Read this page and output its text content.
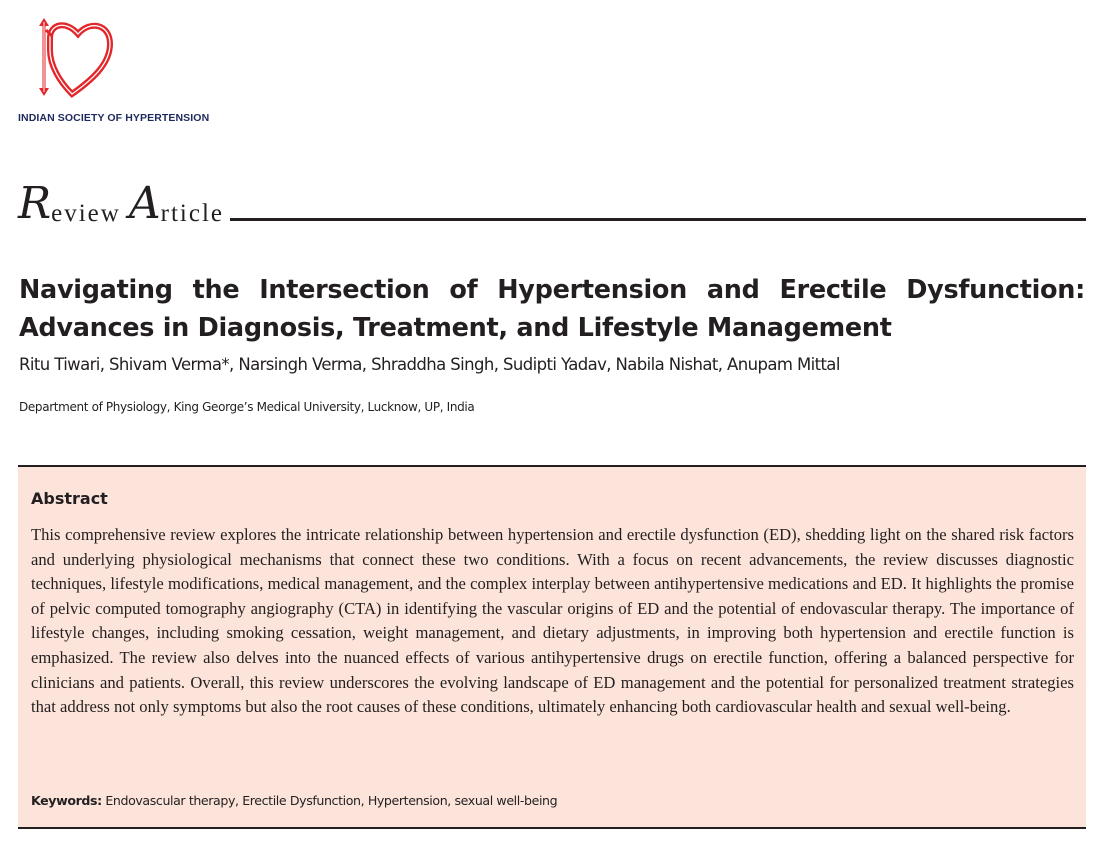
INDIAN SOCIETY OF HYPERTENSION
R eview A rticle
Navigating the Intersection of Hypertension and Erectile Dysfunction: Advances in Diagnosis, Treatment, and Lifestyle Management
Ritu Tiwari, Shivam Verma*, Narsingh Verma, Shraddha Singh, Sudipti Yadav, Nabila Nishat, Anupam Mittal
Department of Physiology, King George’s Medical University, Lucknow, UP, India
Abstract
This comprehensive review explores the intricate relationship between hypertension and erectile dysfunction (ED), shedding light on the shared risk factors and underlying physiological mechanisms that connect these two conditions. With a focus on recent advancements, the review discusses diagnostic techniques, lifestyle modifications, medical management, and the complex interplay between antihypertensive medications and ED. It highlights the promise of pelvic computed tomography angiography (CTA) in identifying the vascular origins of ED and the potential of endovascular therapy. The importance of lifestyle changes, including smoking cessation, weight management, and dietary adjustments, in improving both hypertension and erectile function is emphasized. The review also delves into the nuanced effects of various antihypertensive drugs on erectile function, offering a balanced perspective for clinicians and patients. Overall, this review underscores the evolving landscape of ED management and the potential for personalized treatment strategies that address not only symptoms but also the root causes of these conditions, ultimately enhancing both cardiovascular health and sexual well-being.
Keywords: Endovascular therapy, Erectile Dysfunction, Hypertension, sexual well-being
